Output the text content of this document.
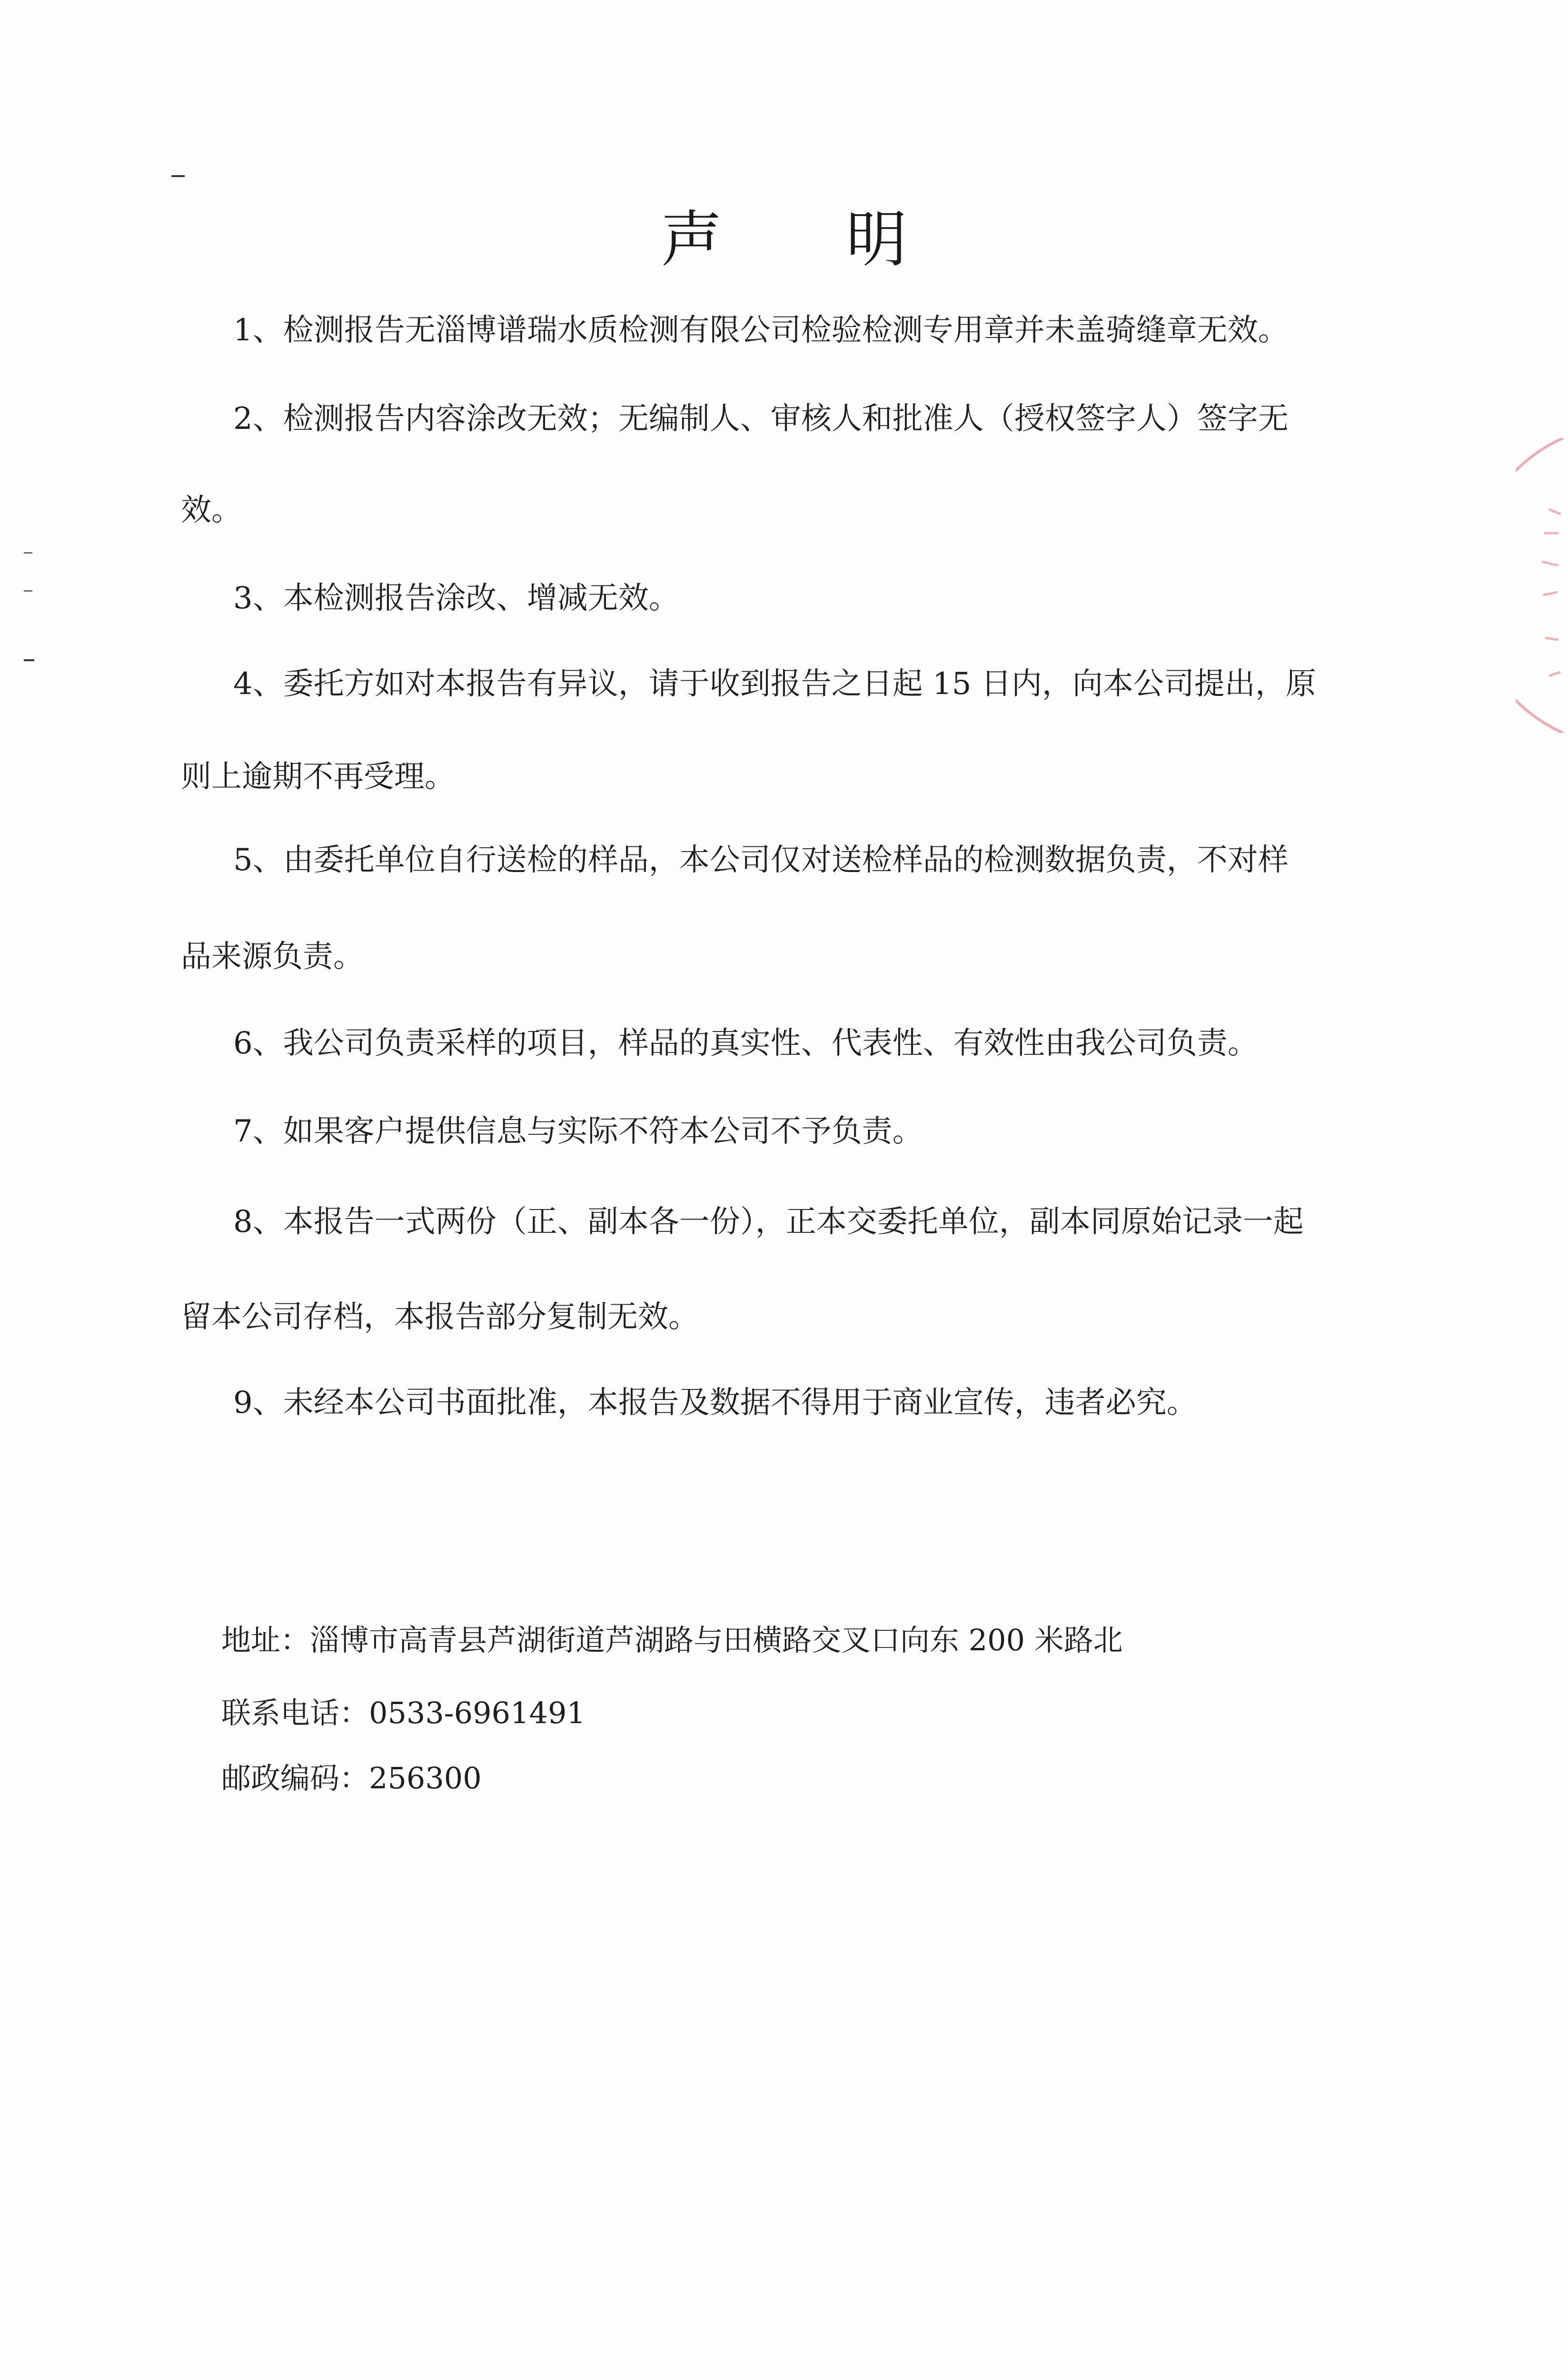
声 明
1、检测报告无淄博谱瑞水质检测有限公司检验检测专用章并未盖骑缝章无效。
2、检测报告内容涂改无效；无编制人、审核人和批准人（授权签字人）签字无
效。
3、本检测报告涂改、增减无效。
4、委托方如对本报告有异议，请于收到报告之日起 15 日内，向本公司提出，原
则上逾期不再受理。
5、由委托单位自行送检的样品，本公司仅对送检样品的检测数据负责，不对样
品来源负责。
6、我公司负责采样的项目，样品的真实性、代表性、有效性由我公司负责。
7、如果客户提供信息与实际不符本公司不予负责。
8、本报告一式两份（正、副本各一份），正本交委托单位，副本同原始记录一起
留本公司存档，本报告部分复制无效。
9、未经本公司书面批准，本报告及数据不得用于商业宣传，违者必究。
地址：淄博市高青县芦湖街道芦湖路与田横路交叉口向东 200 米路北
联系电话：0533-6961491
邮政编码：256300
